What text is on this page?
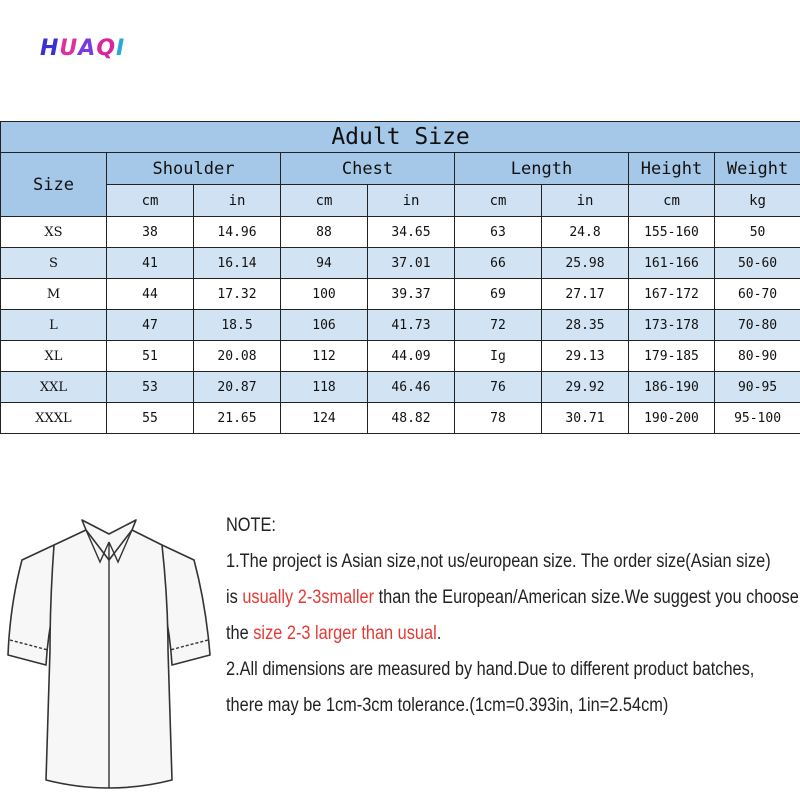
HUAQI
Adult Size								
Size	Shoulder		Chest		Length		Height	Weight
	cm	in	cm	in	cm	in	cm	kg
XS	38	14.96	88	34.65	63	24.8	155-160	50
S	41	16.14	94	37.01	66	25.98	161-166	50-60
M	44	17.32	100	39.37	69	27.17	167-172	60-70
L	47	18.5	106	41.73	72	28.35	173-178	70-80
XL	51	20.08	112	44.09	Ig	29.13	179-185	80-90
XXL	53	20.87	118	46.46	76	29.92	186-190	90-95
XXXL	55	21.65	124	48.82	78	30.71	190-200	95-100
NOTE:
1.The project is Asian size,not us/european size. The order size(Asian size)
is usually 2-3smaller than the European/American size.We suggest you choose
the size 2-3 larger than usual.
2.All dimensions are measured by hand.Due to different product batches,
there may be 1cm-3cm tolerance.(1cm=0.393in, 1in=2.54cm)
